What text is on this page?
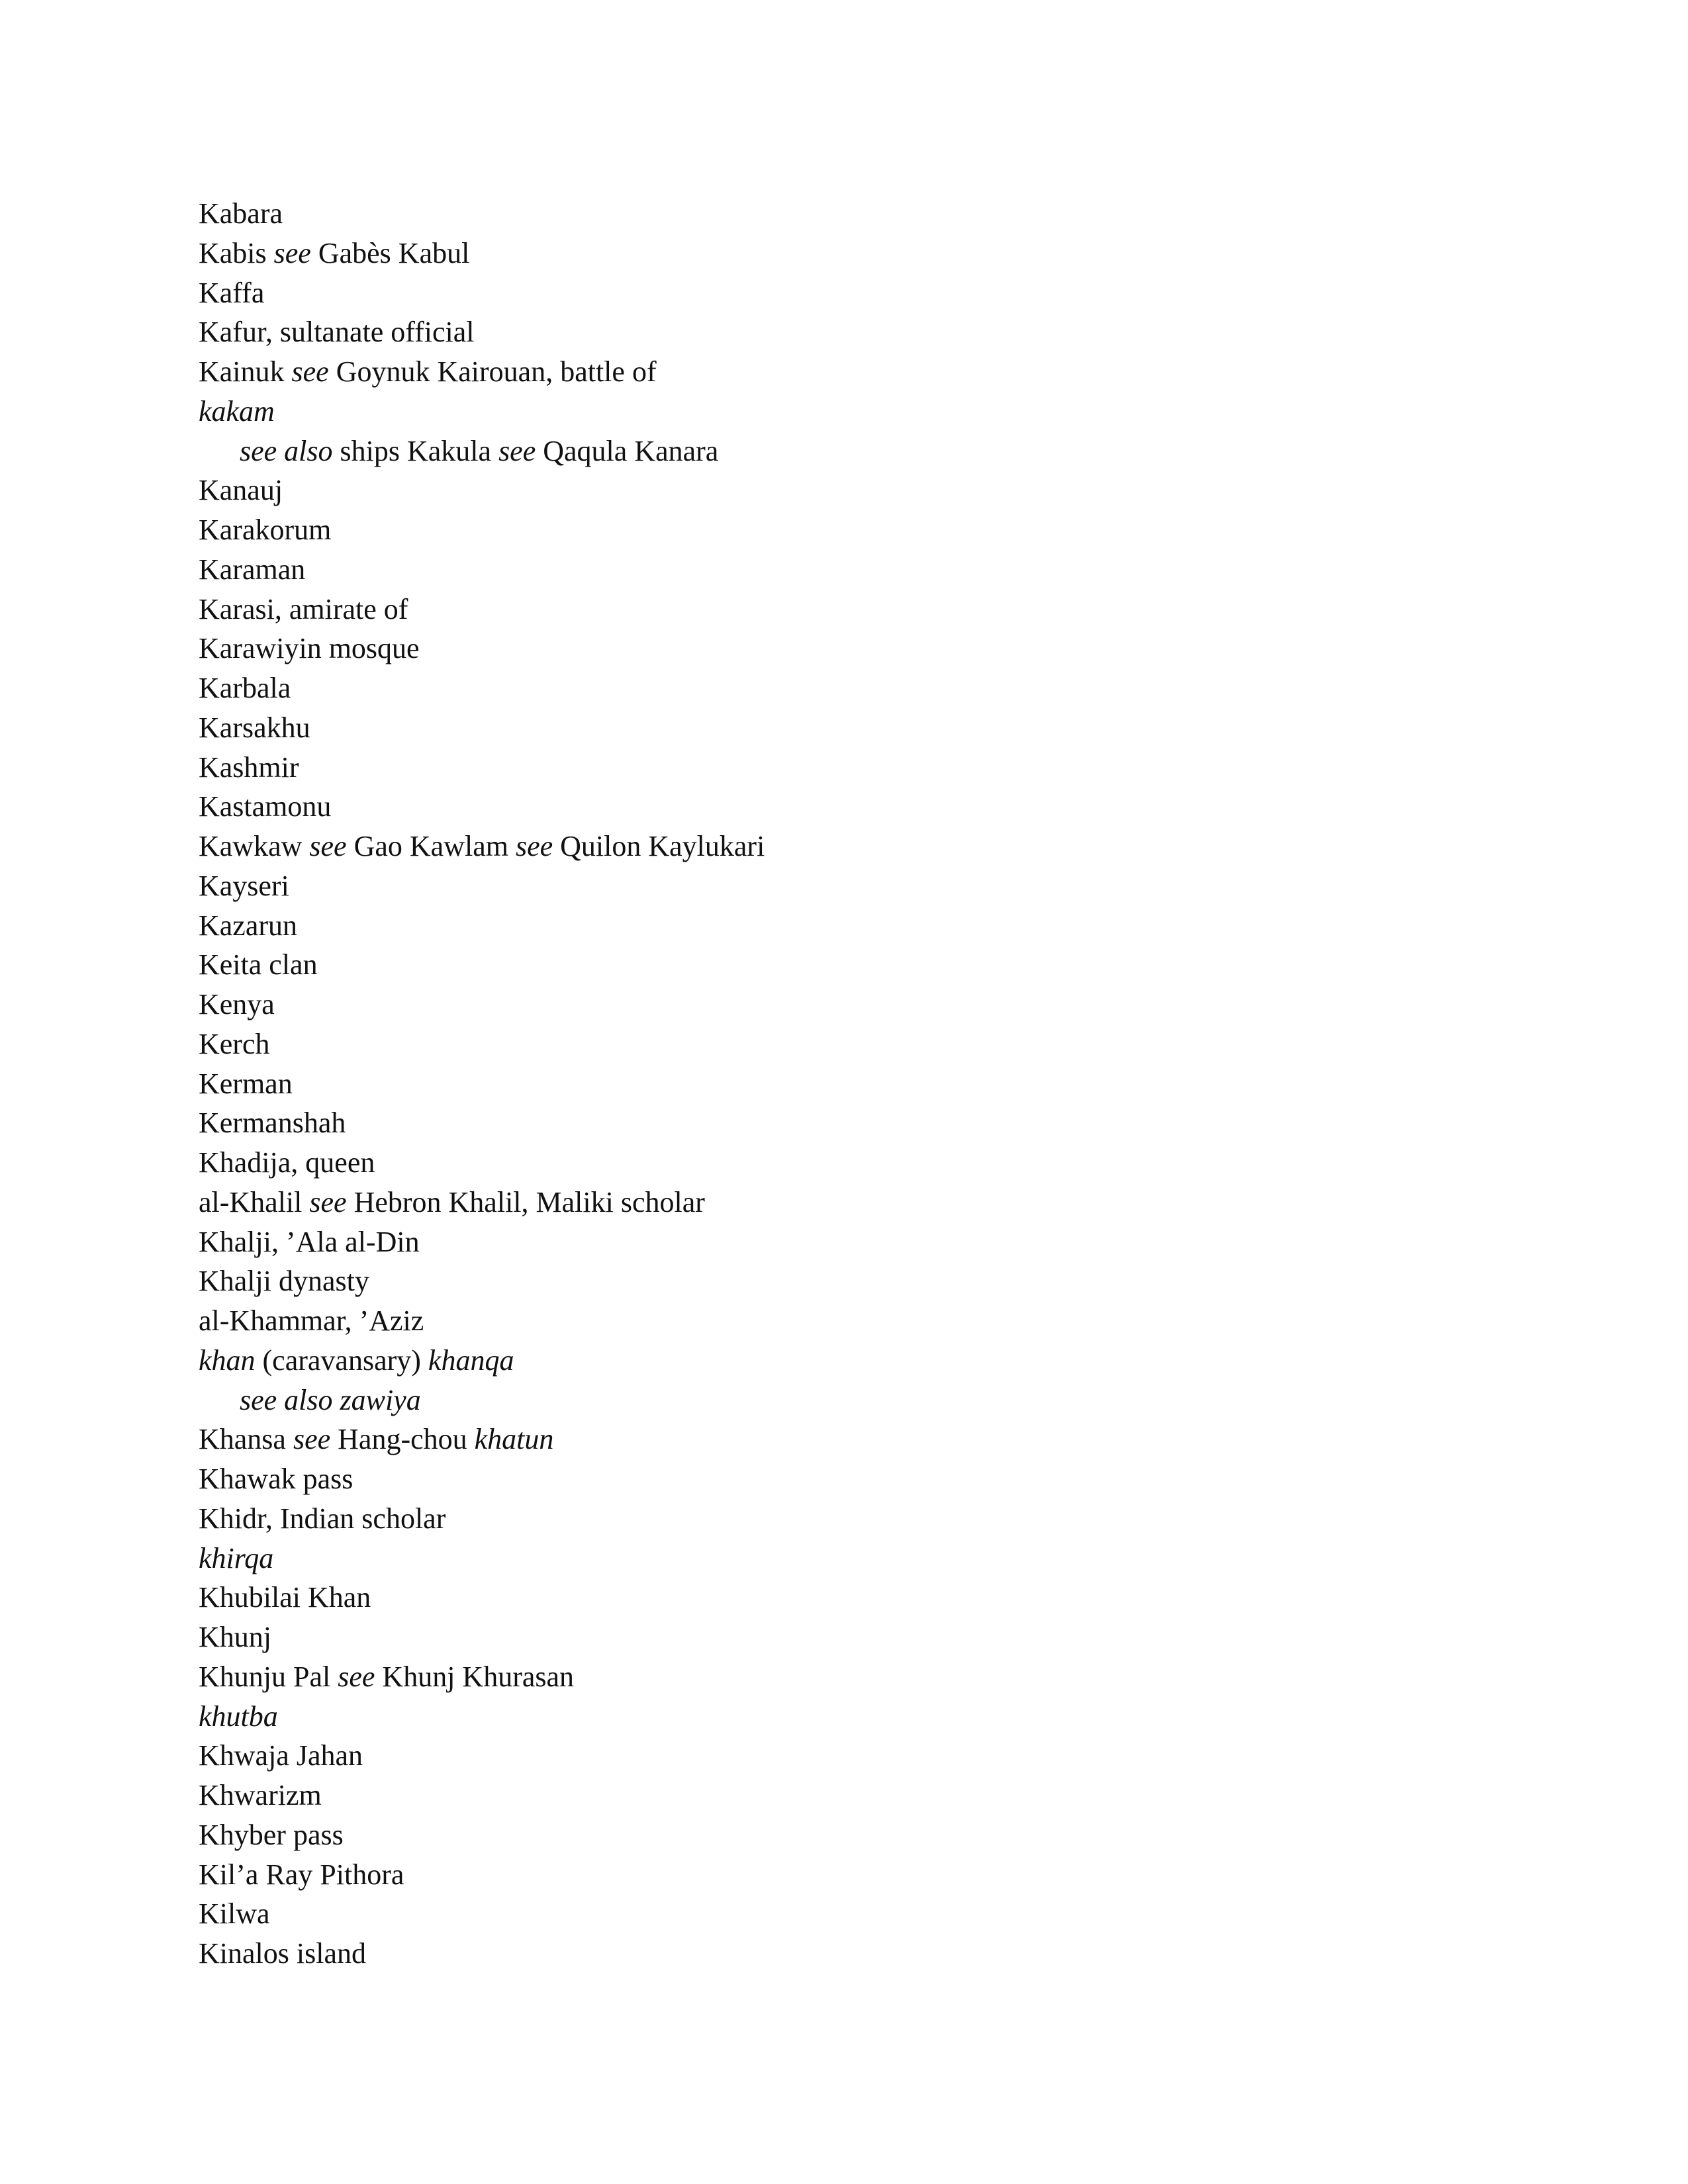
Kabara
Kabis see Gabès Kabul
Kaffa
Kafur, sultanate official
Kainuk see Goynuk Kairouan, battle of
kakam
see also ships Kakula see Qaqula Kanara
Kanauj
Karakorum
Karaman
Karasi, amirate of
Karawiyin mosque
Karbala
Karsakhu
Kashmir
Kastamonu
Kawkaw see Gao Kawlam see Quilon Kaylukari
Kayseri
Kazarun
Keita clan
Kenya
Kerch
Kerman
Kermanshah
Khadija, queen
al-Khalil see Hebron Khalil, Maliki scholar
Khalji, ’Ala al-Din
Khalji dynasty
al-Khammar, ’Aziz
khan (caravansary) khanqa
see also zawiya
Khansa see Hang-chou khatun
Khawak pass
Khidr, Indian scholar
khirqa
Khubilai Khan
Khunj
Khunju Pal see Khunj Khurasan
khutba
Khwaja Jahan
Khwarizm
Khyber pass
Kil’a Ray Pithora
Kilwa
Kinalos island
